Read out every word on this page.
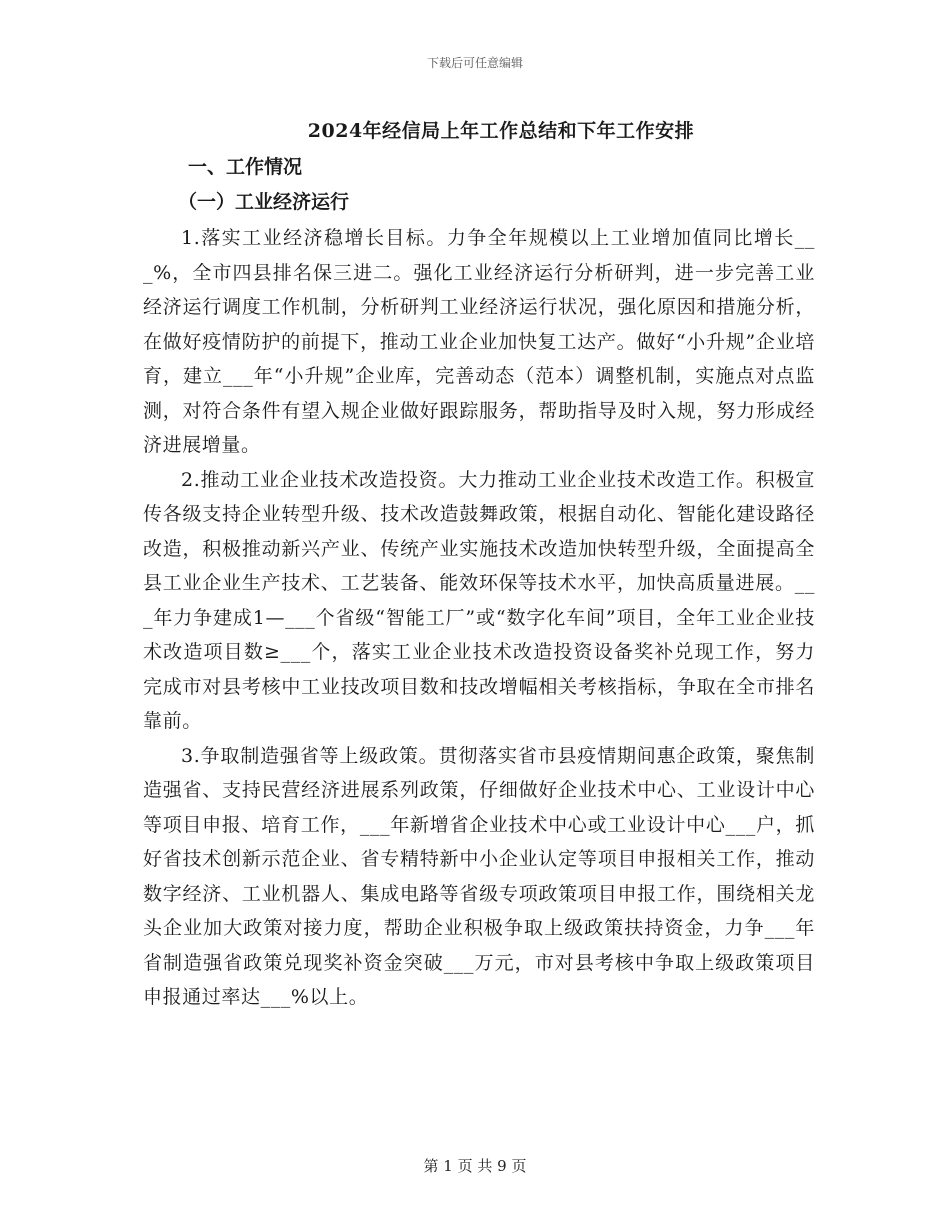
下载后可任意编辑
2024年经信局上年工作总结和下年工作安排
一、工作情况
（一）工业经济运行

1.落实工业经济稳增长目标。力争全年规模以上工业增加值同比增长___%，全市四县排名保三进二。强化工业经济运行分析研判，进一步完善工业经济运行调度工作机制，分析研判工业经济运行状况，强化原因和措施分析，在做好疫情防护的前提下，推动工业企业加快复工达产。做好“小升规”企业培育，建立___年“小升规”企业库，完善动态（范本）调整机制，实施点对点监测，对符合条件有望入规企业做好跟踪服务，帮助指导及时入规，努力形成经济进展增量。

2.推动工业企业技术改造投资。大力推动工业企业技术改造工作。积极宣传各级支持企业转型升级、技术改造鼓舞政策，根据自动化、智能化建设路径改造，积极推动新兴产业、传统产业实施技术改造加快转型升级，全面提高全县工业企业生产技术、工艺装备、能效环保等技术水平，加快高质量进展。___年力争建成1—___个省级“智能工厂”或“数字化车间”项目，全年工业企业技术改造项目数≥___个，落实工业企业技术改造投资设备奖补兑现工作，努力完成市对县考核中工业技改项目数和技改增幅相关考核指标，争取在全市排名靠前。

3.争取制造强省等上级政策。贯彻落实省市县疫情期间惠企政策，聚焦制造强省、支持民营经济进展系列政策，仔细做好企业技术中心、工业设计中心等项目申报、培育工作，___年新增省企业技术中心或工业设计中心___户，抓好省技术创新示范企业、省专精特新中小企业认定等项目申报相关工作，推动数字经济、工业机器人、集成电路等省级专项政策项目申报工作，围绕相关龙头企业加大政策对接力度，帮助企业积极争取上级政策扶持资金，力争___年省制造强省政策兑现奖补资金突破___万元，市对县考核中争取上级政策项目申报通过率达___%以上。

第 1 页 共 9 页
